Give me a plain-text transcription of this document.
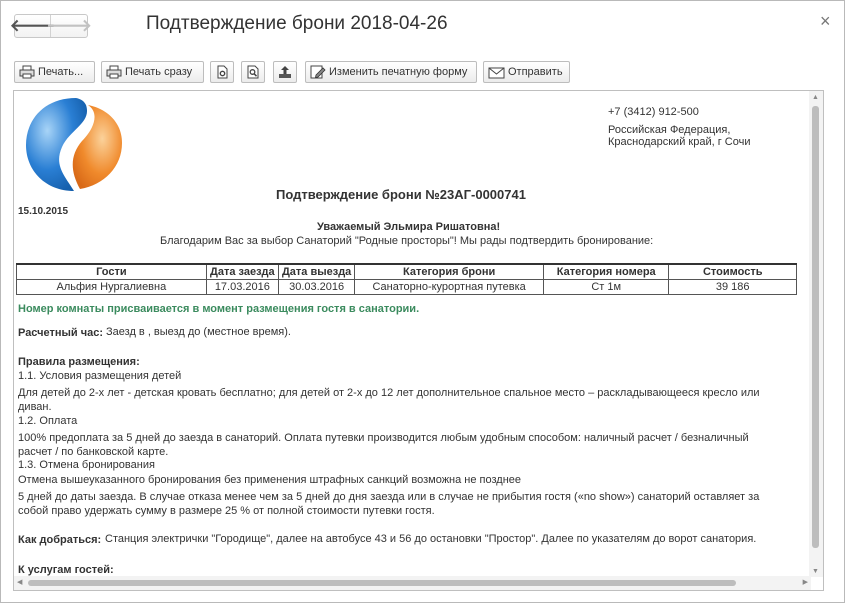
🡐
🡒	Подтверждение брони 2018-04-26	×
Печать...	Печать сразу	Изменить печатную форму	Отправить
+7 (3412) 912-500
Российская Федерация,
Краснодарский край, г Сочи
Подтверждение брони №23АГ-0000741
15.10.2015
Уважаемый Эльмира Ришатовна!
Благодарим Вас за выбор Санаторий "Родные просторы"! Мы рады подтвердить бронирование:
Гости	Дата заезда	Дата выезда	Категория брони	Категория номера	Стоимость
Альфия Нургалиевна	17.03.2016	30.03.2016	Санаторно-курортная путевка	Ст 1м	39 186
Номер комнаты присваивается в момент размещения гостя в санатории.
Расчетный час: Заезд в , выезд до (местное время).
Правила размещения:
1.1. Условия размещения детей
Для детей до 2-х лет - детская кровать бесплатно; для детей от 2-х до 12 лет дополнительное спальное место – раскладывающееся кресло или диван.
1.2. Оплата
100% предоплата за 5 дней до заезда в санаторий. Оплата путевки производится любым удобным способом: наличный расчет / безналичный расчет / по банковской карте.
1.3. Отмена бронирования
Отмена вышеуказанного бронирования без применения штрафных санкций возможна не позднее
5 дней до даты заезда. В случае отказа менее чем за 5 дней до дня заезда или в случае не прибытия гостя («no show») санаторий оставляет за собой право удержать сумму в размере 25 % от полной стоимости путевки гостя.
Как добраться: Станция электрички "Городище", далее на автобусе 43 и 56 до остановки "Простор". Далее по указателям до ворот санатория.
К услугам гостей:
▲
▼
◀	▶
